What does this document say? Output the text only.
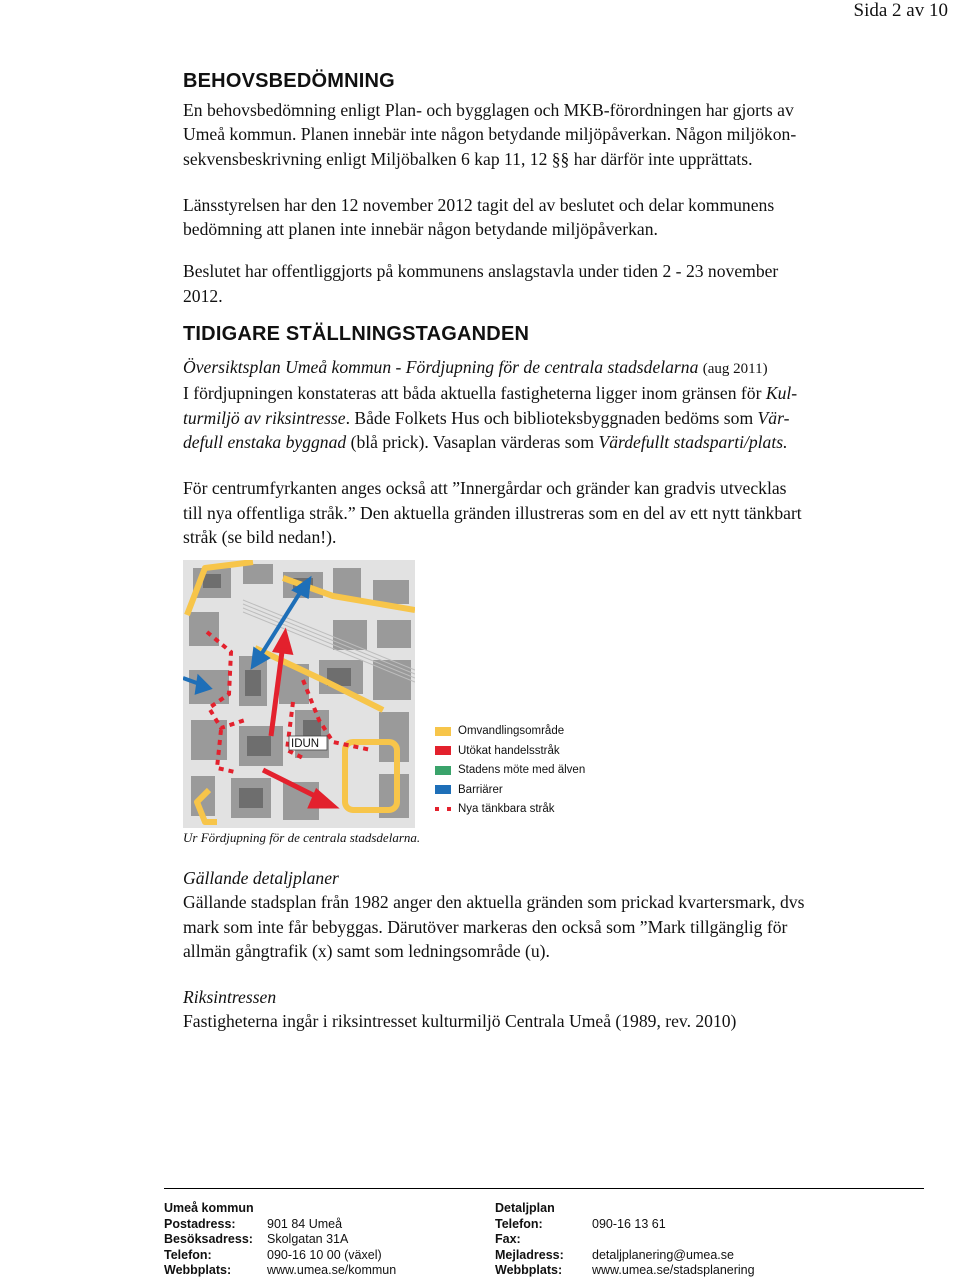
Sida 2 av 10
BEHOVSBEDÖMNING

En behovsbedömning enligt Plan- och bygglagen och MKB-förordningen har gjorts av

Umeå kommun. Planen innebär inte någon betydande miljöpåverkan. Någon miljökon-

sekvensbeskrivning enligt Miljöbalken 6 kap 11, 12 §§ har därför inte upprättats.

Länsstyrelsen har den 12 november 2012 tagit del av beslutet och delar kommunens

bedömning att planen inte innebär någon betydande miljöpåverkan.

Beslutet har offentliggjorts på kommunens anslagstavla under tiden 2 - 23 november

2012.

TIDIGARE STÄLLNINGSTAGANDEN

Översiktsplan Umeå kommun - Fördjupning för de centrala stadsdelarna (aug 2011)

I fördjupningen konstateras att båda aktuella fastigheterna ligger inom gränsen för Kul-

turmiljö av riksintresse. Både Folkets Hus och biblioteksbyggnaden bedöms som Vär-

defull enstaka byggnad (blå prick). Vasaplan värderas som Värdefullt stadsparti/plats.

För centrumfyrkanten anges också att ”Innergårdar och gränder kan gradvis utvecklas

till nya offentliga stråk.” Den aktuella gränden illustreras som en del av ett nytt tänkbart

stråk (se bild nedan!).

IDUN
Omvandlingsområde
Utökat handelsstråk
Stadens möte med älven
Barriärer
Nya tänkbara stråk
Ur Fördjupning för de centrala stadsdelarna.

Gällande detaljplaner

Gällande stadsplan från 1982 anger den aktuella gränden som prickad kvartersmark, dvs

mark som inte får bebyggas. Därutöver markeras den också som ”Mark tillgänglig för

allmän gångtrafik (x) samt som ledningsområde (u).

Riksintressen

Fastigheterna ingår i riksintresset kulturmiljö Centrala Umeå (1989, rev. 2010)

Umeå kommun
Postadress:	901 84 Umeå
Besöksadress: Skolgatan 31A
Telefon:	090-16 10 00 (växel)
Webbplats:	www.umea.se/kommun
Detaljplan
Telefon:	090-16 13 61
Fax:
Mejladress: detaljplanering@umea.se
Webbplats: www.umea.se/stadsplanering
